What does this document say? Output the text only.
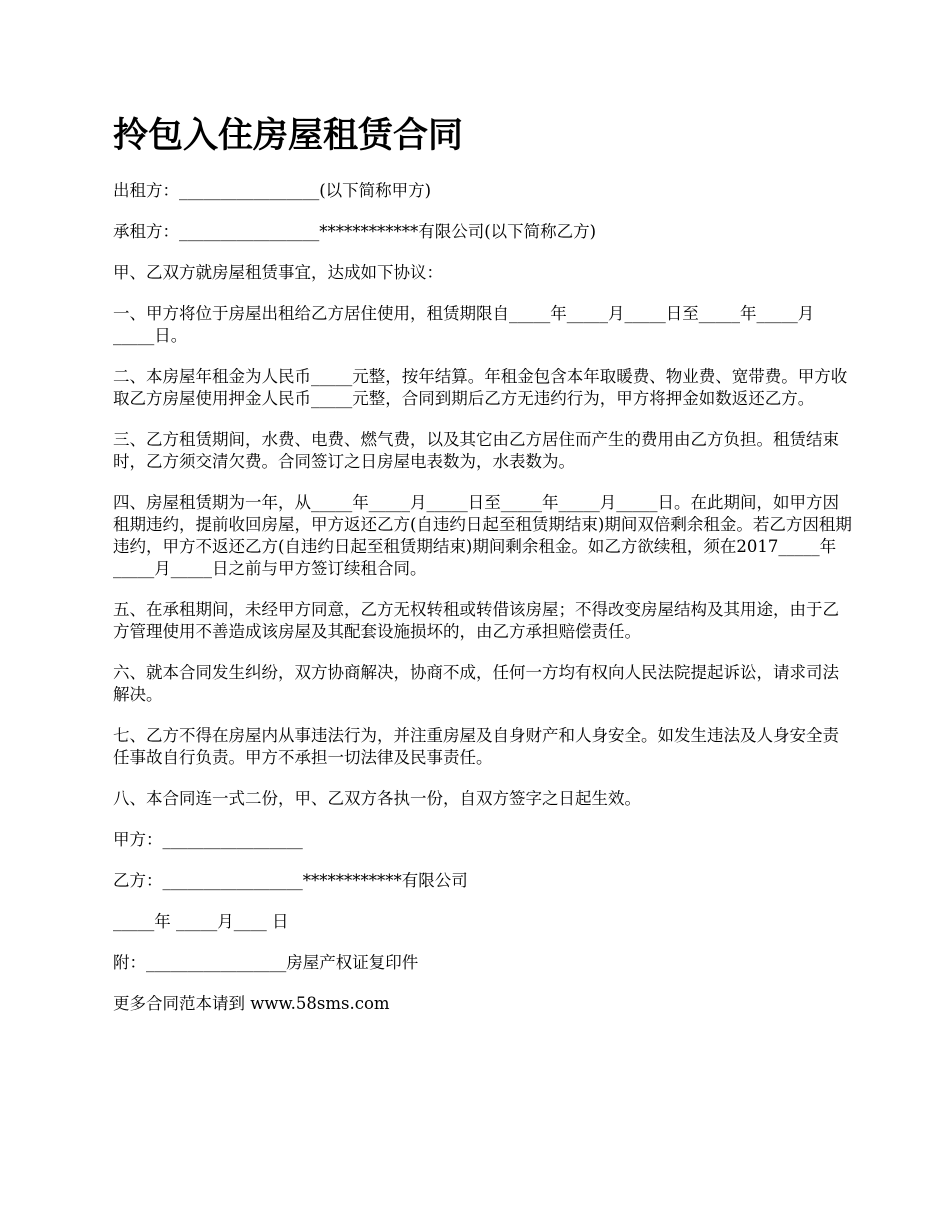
拎包入住房屋租赁合同

出租方：_________________(以下简称甲方)

承租方：_________________************有限公司(以下简称乙方)

甲、乙双方就房屋租赁事宜，达成如下协议：

一、甲方将位于房屋出租给乙方居住使用，租赁期限自_____年_____月_____日至_____年_____月_____日。

二、本房屋年租金为人民币_____元整，按年结算。年租金包含本年取暖费、物业费、宽带费。甲方收取乙方房屋使用押金人民币_____元整，合同到期后乙方无违约行为，甲方将押金如数返还乙方。

三、乙方租赁期间，水费、电费、燃气费，以及其它由乙方居住而产生的费用由乙方负担。租赁结束时，乙方须交清欠费。合同签订之日房屋电表数为，水表数为。

四、房屋租赁期为一年，从_____年_____月_____日至_____年_____月_____日。在此期间，如甲方因租期违约，提前收回房屋，甲方返还乙方(自违约日起至租赁期结束)期间双倍剩余租金。若乙方因租期违约，甲方不返还乙方(自违约日起至租赁期结束)期间剩余租金。如乙方欲续租，须在2017_____年_____月_____日之前与甲方签订续租合同。

五、在承租期间，未经甲方同意，乙方无权转租或转借该房屋；不得改变房屋结构及其用途，由于乙方管理使用不善造成该房屋及其配套设施损坏的，由乙方承担赔偿责任。

六、就本合同发生纠纷，双方协商解决，协商不成，任何一方均有权向人民法院提起诉讼，请求司法解决。

七、乙方不得在房屋内从事违法行为，并注重房屋及自身财产和人身安全。如发生违法及人身安全责任事故自行负责。甲方不承担一切法律及民事责任。

八、本合同连一式二份，甲、乙双方各执一份，自双方签字之日起生效。

甲方：_________________

乙方：_________________************有限公司

_____年 _____月____ 日

附：_________________房屋产权证复印件

更多合同范本请到 www.58sms.com
